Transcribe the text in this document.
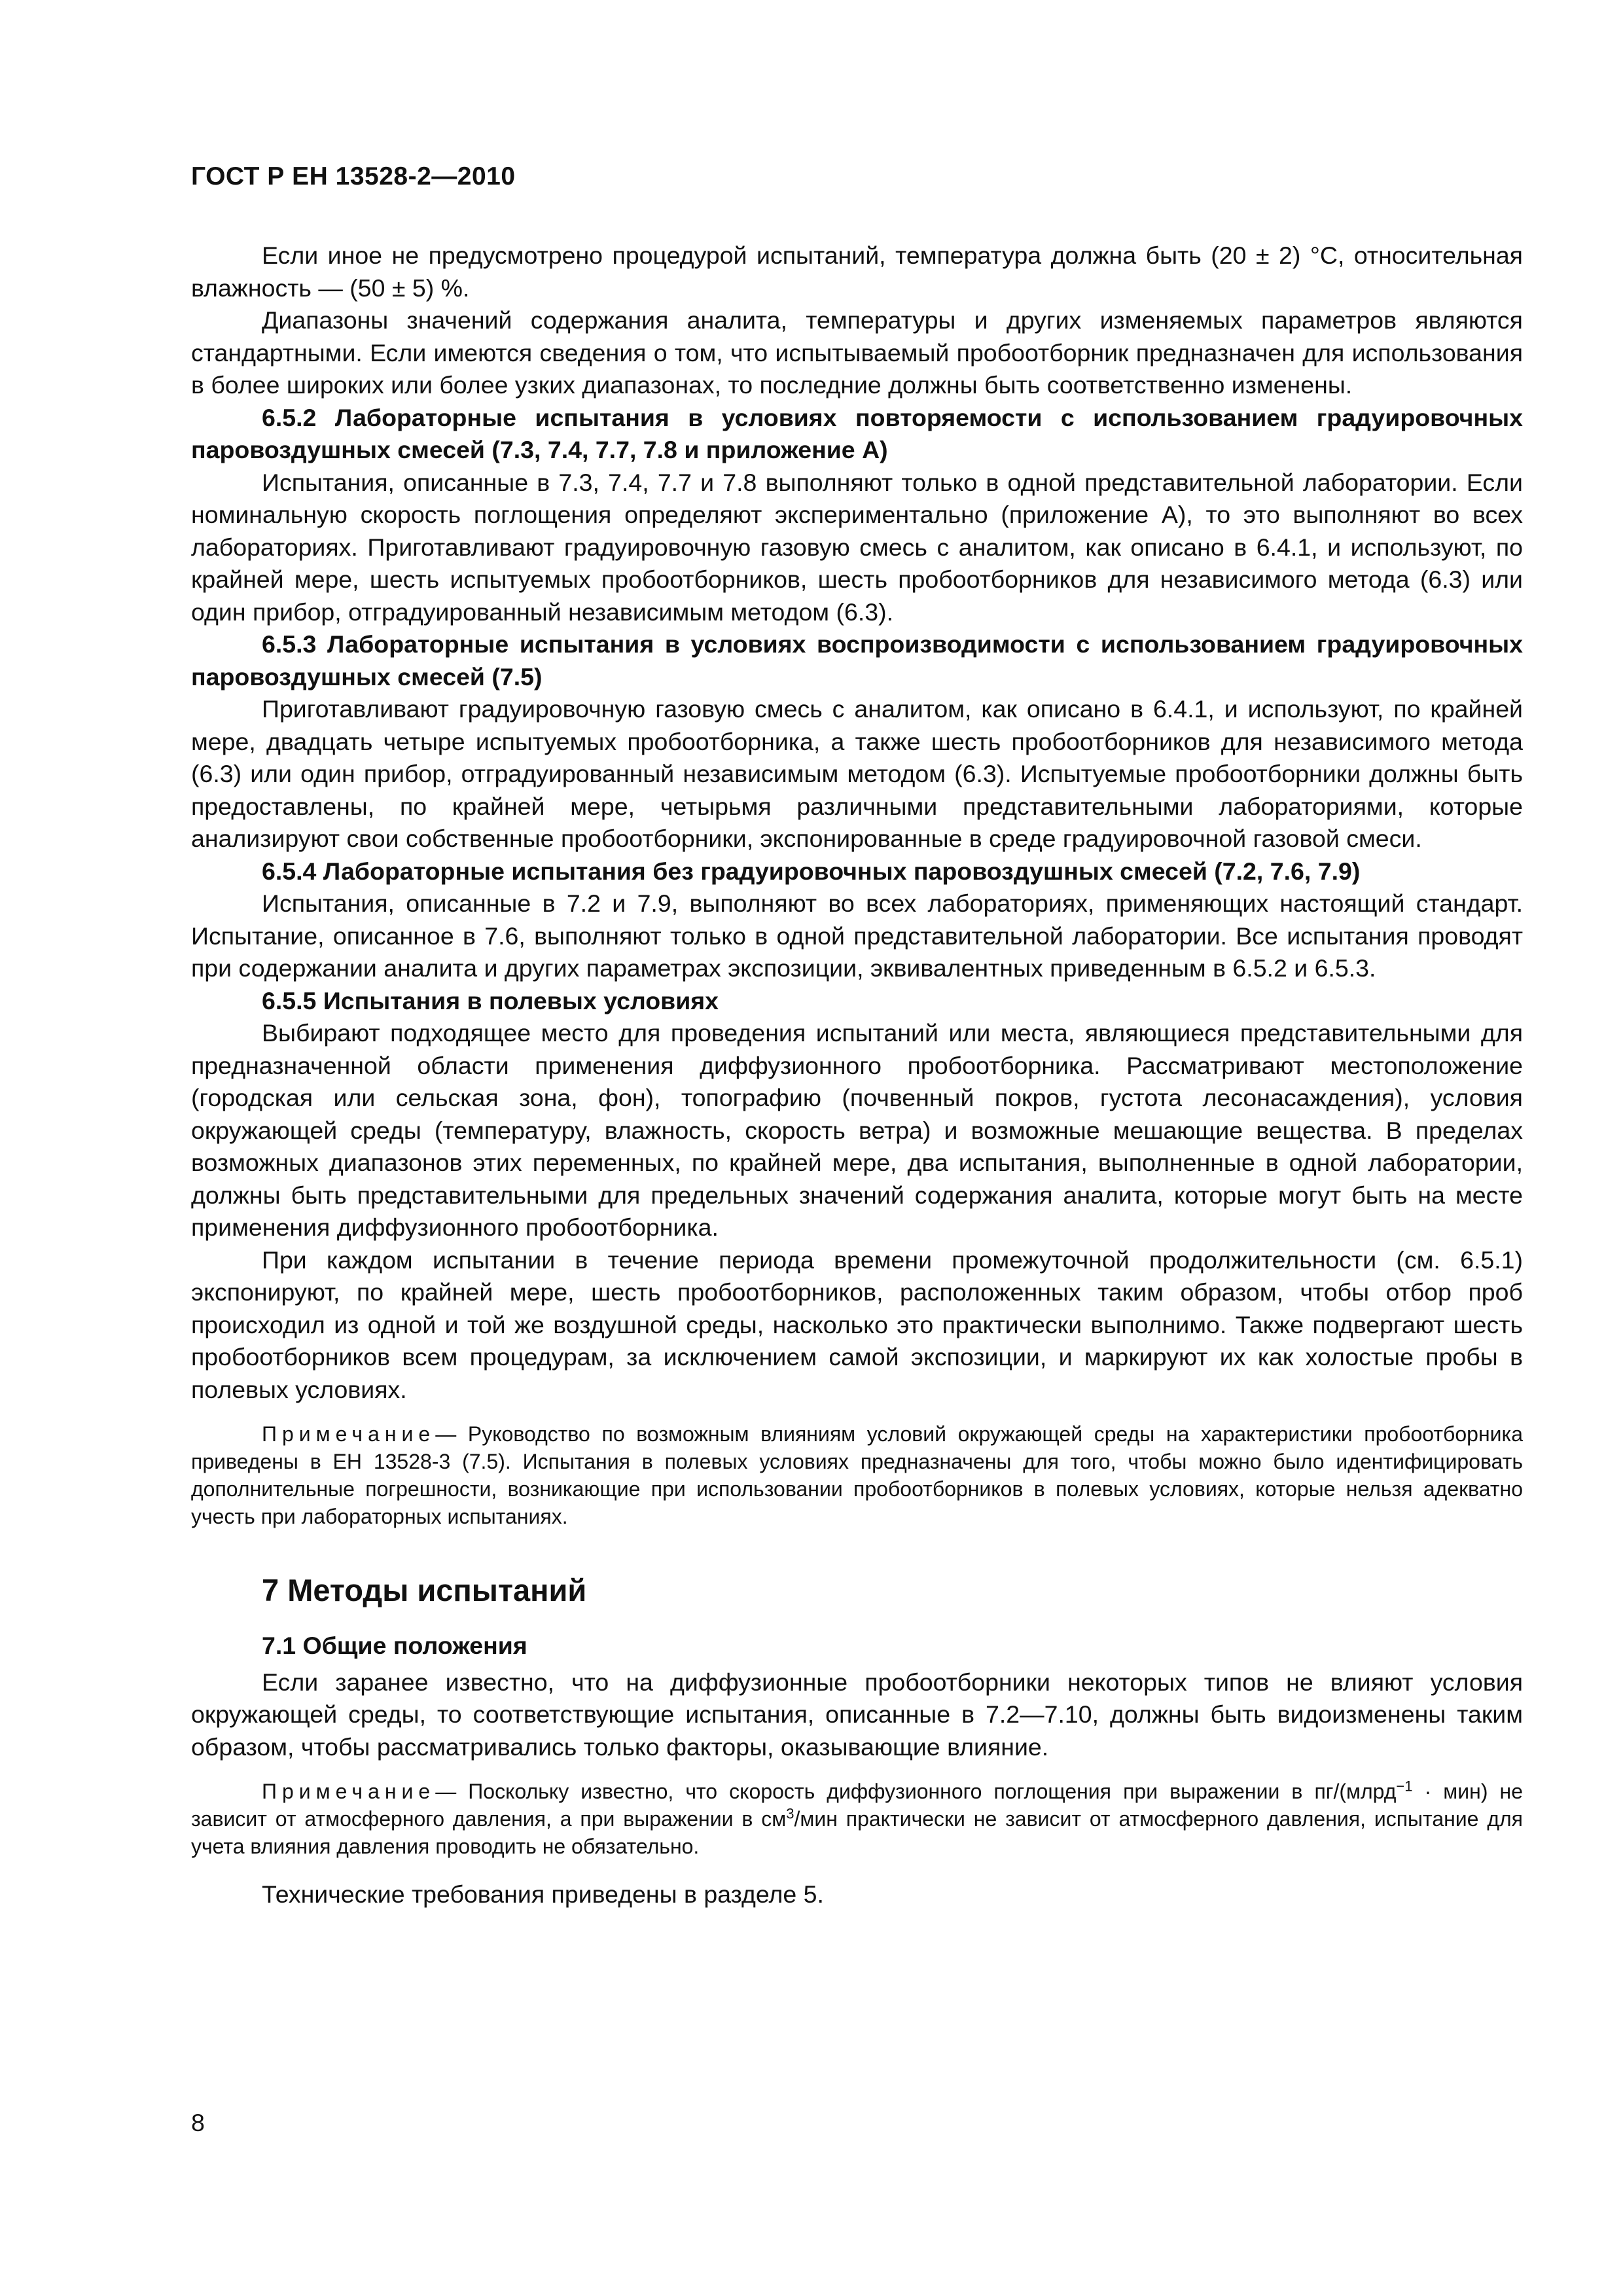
ГОСТ Р ЕН 13528-2—2010

Если иное не предусмотрено процедурой испытаний, температура должна быть (20 ± 2) °С, относительная влажность — (50 ± 5) %.

Диапазоны значений содержания аналита, температуры и других изменяемых параметров являются стандартными. Если имеются сведения о том, что испытываемый пробоотборник предназначен для использования в более широких или более узких диапазонах, то последние должны быть соответственно изменены.

6.5.2 Лабораторные испытания в условиях повторяемости с использованием градуировочных паровоздушных смесей (7.3, 7.4, 7.7, 7.8 и приложение А)

Испытания, описанные в 7.3, 7.4, 7.7 и 7.8 выполняют только в одной представительной лаборатории. Если номинальную скорость поглощения определяют экспериментально (приложение А), то это выполняют во всех лабораториях. Приготавливают градуировочную газовую смесь с аналитом, как описано в 6.4.1, и используют, по крайней мере, шесть испытуемых пробоотборников, шесть пробоотборников для независимого метода (6.3) или один прибор, отградуированный независимым методом (6.3).

6.5.3 Лабораторные испытания в условиях воспроизводимости с использованием градуировочных паровоздушных смесей (7.5)

Приготавливают градуировочную газовую смесь с аналитом, как описано в 6.4.1, и используют, по крайней мере, двадцать четыре испытуемых пробоотборника, а также шесть пробоотборников для независимого метода (6.3) или один прибор, отградуированный независимым методом (6.3). Испытуемые пробоотборники должны быть предоставлены, по крайней мере, четырьмя различными представительными лабораториями, которые анализируют свои собственные пробоотборники, экспонированные в среде градуировочной газовой смеси.

6.5.4 Лабораторные испытания без градуировочных паровоздушных смесей (7.2, 7.6, 7.9)

Испытания, описанные в 7.2 и 7.9, выполняют во всех лабораториях, применяющих настоящий стандарт. Испытание, описанное в 7.6, выполняют только в одной представительной лаборатории. Все испытания проводят при содержании аналита и других параметрах экспозиции, эквивалентных приведенным в 6.5.2 и 6.5.3.

6.5.5 Испытания в полевых условиях

Выбирают подходящее место для проведения испытаний или места, являющиеся представительными для предназначенной области применения диффузионного пробоотборника. Рассматривают местоположение (городская или сельская зона, фон), топографию (почвенный покров, густота лесонасаждения), условия окружающей среды (температуру, влажность, скорость ветра) и возможные мешающие вещества. В пределах возможных диапазонов этих переменных, по крайней мере, два испытания, выполненные в одной лаборатории, должны быть представительными для предельных значений содержания аналита, которые могут быть на месте применения диффузионного пробоотборника.

При каждом испытании в течение периода времени промежуточной продолжительности (см. 6.5.1) экспонируют, по крайней мере, шесть пробоотборников, расположенных таким образом, чтобы отбор проб происходил из одной и той же воздушной среды, насколько это практически выполнимо. Также подвергают шесть пробоотборников всем процедурам, за исключением самой экспозиции, и маркируют их как холостые пробы в полевых условиях.

Примечание— Руководство по возможным влияниям условий окружающей среды на характеристики пробоотборника приведены в ЕН 13528-3 (7.5). Испытания в полевых условиях предназначены для того, чтобы можно было идентифицировать дополнительные погрешности, возникающие при использовании пробоотборников в полевых условиях, которые нельзя адекватно учесть при лабораторных испытаниях.

7 Методы испытаний

7.1 Общие положения

Если заранее известно, что на диффузионные пробоотборники некоторых типов не влияют условия окружающей среды, то соответствующие испытания, описанные в 7.2—7.10, должны быть видоизменены таким образом, чтобы рассматривались только факторы, оказывающие влияние.

Примечание— Поскольку известно, что скорость диффузионного поглощения при выражении в пг/(млрд$^{-1}$ · мин) не зависит от атмосферного давления, а при выражении в $см^3$/мин практически не зависит от атмосферного давления, испытание для учета влияния давления проводить не обязательно.

Технические требования приведены в разделе 5.

8
